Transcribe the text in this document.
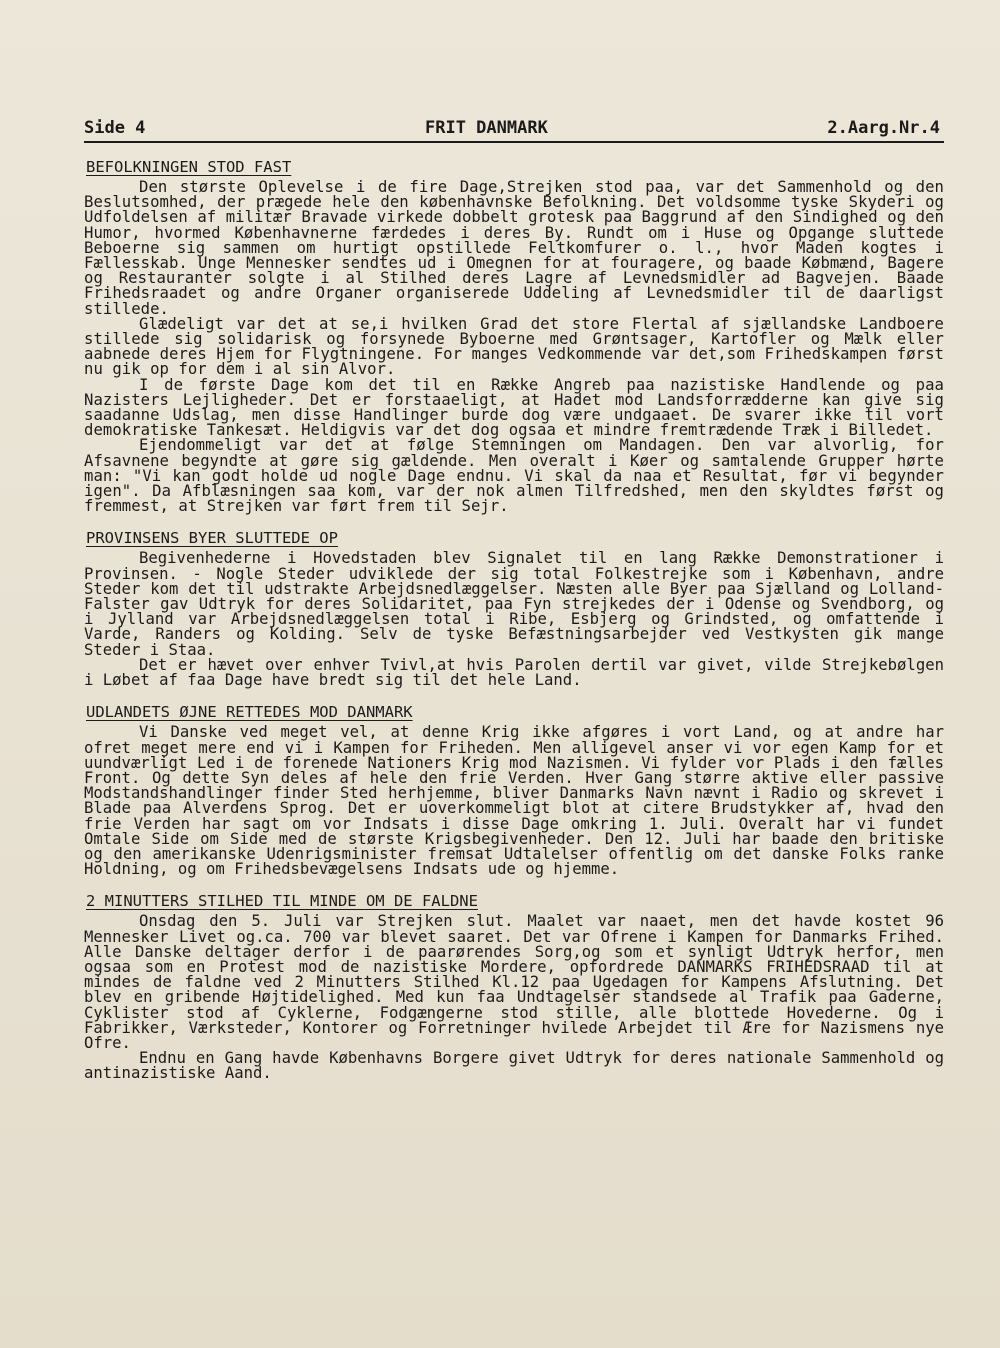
Side 4	FRIT DANMARK	2.Aarg.Nr.4
BEFOLKNINGEN STOD FAST

Den største Oplevelse i de fire Dage,Strejken stod paa, var det Sammenhold og den Beslutsomhed, der prægede hele den københavnske Befolkning. Det voldsomme tyske Skyderi og Udfoldelsen af militær Bravade virkede dobbelt grotesk paa Baggrund af den Sindighed og den Humor, hvormed Københavnerne færdedes i deres By. Rundt om i Huse og Opgange sluttede Beboerne sig sammen om hurtigt opstillede Feltkomfurer o. l., hvor Maden kogtes i Fællesskab. Unge Mennesker sendtes ud i Omegnen for at fouragere, og baade Købmænd, Bagere og Restauranter solgte i al Stilhed deres Lagre af Levnedsmidler ad Bagvejen. Baade Frihedsraadet og andre Organer organiserede Uddeling af Levnedsmidler til de daarligst stillede.

Glædeligt var det at se,i hvilken Grad det store Flertal af sjællandske Landboere stillede sig solidarisk og forsynede Byboerne med Grøntsager, Kartofler og Mælk eller aabnede deres Hjem for Flygtningene. For manges Vedkommende var det,som Frihedskampen først nu gik op for dem i al sin Alvor.

I de første Dage kom det til en Række Angreb paa nazistiske Handlende og paa Nazisters Lejligheder. Det er forstaaeligt, at Hadet mod Landsforrædderne kan give sig saadanne Udslag, men disse Handlinger burde dog være undgaaet. De svarer ikke til vort demokratiske Tankesæt. Heldigvis var det dog ogsaa et mindre fremtrædende Træk i Billedet.

Ejendommeligt var det at følge Stemningen om Mandagen. Den var alvorlig, for Afsavnene begyndte at gøre sig gældende. Men overalt i Køer og samtalende Grupper hørte man: "Vi kan godt holde ud nogle Dage endnu. Vi skal da naa et Resultat, før vi begynder igen". Da Afblæsningen saa kom, var der nok almen Tilfredshed, men den skyldtes først og fremmest, at Strejken var ført frem til Sejr.

PROVINSENS BYER SLUTTEDE OP

Begivenhederne i Hovedstaden blev Signalet til en lang Række Demonstrationer i Provinsen. - Nogle Steder udviklede der sig total Folkestrejke som i København, andre Steder kom det til udstrakte Arbejdsnedlæggelser. Næsten alle Byer paa Sjælland og Lolland-Falster gav Udtryk for deres Solidaritet, paa Fyn strejkedes der i Odense og Svendborg, og i Jylland var Arbejdsnedlæggelsen total i Ribe, Esbjerg og Grindsted, og omfattende i Varde, Randers og Kolding. Selv de tyske Befæstningsarbejder ved Vestkysten gik mange Steder i Staa.

Det er hævet over enhver Tvivl,at hvis Parolen dertil var givet, vilde Strejkebølgen i Løbet af faa Dage have bredt sig til det hele Land.

UDLANDETS ØJNE RETTEDES MOD DANMARK

Vi Danske ved meget vel, at denne Krig ikke afgøres i vort Land, og at andre har ofret meget mere end vi i Kampen for Friheden. Men alligevel anser vi vor egen Kamp for et uundværligt Led i de forenede Nationers Krig mod Nazismen. Vi fylder vor Plads i den fælles Front. Og dette Syn deles af hele den frie Verden. Hver Gang større aktive eller passive Modstandshandlinger finder Sted herhjemme, bliver Danmarks Navn nævnt i Radio og skrevet i Blade paa Alverdens Sprog. Det er uoverkommeligt blot at citere Brudstykker af, hvad den frie Verden har sagt om vor Indsats i disse Dage omkring 1. Juli. Overalt har vi fundet Omtale Side om Side med de største Krigsbegivenheder. Den 12. Juli har baade den britiske og den amerikanske Udenrigsminister fremsat Udtalelser offentlig om det danske Folks ranke Holdning, og om Frihedsbevægelsens Indsats ude og hjemme.

2 MINUTTERS STILHED TIL MINDE OM DE FALDNE

Onsdag den 5. Juli var Strejken slut. Maalet var naaet, men det havde kostet 96 Mennesker Livet og.ca. 700 var blevet saaret. Det var Ofrene i Kampen for Danmarks Frihed. Alle Danske deltager derfor i de paarørendes Sorg,og som et synligt Udtryk herfor, men ogsaa som en Protest mod de nazistiske Mordere, opfordrede DANMARKS FRIHEDSRAAD til at mindes de faldne ved 2 Minutters Stilhed Kl.12 paa Ugedagen for Kampens Afslutning. Det blev en gribende Højtidelighed. Med kun faa Undtagelser standsede al Trafik paa Gaderne, Cyklister stod af Cyklerne, Fodgængerne stod stille, alle blottede Hovederne. Og i Fabrikker, Værksteder, Kontorer og Forretninger hvilede Arbejdet til Ære for Nazismens nye Ofre.

Endnu en Gang havde Københavns Borgere givet Udtryk for deres nationale Sammenhold og antinazistiske Aand.
